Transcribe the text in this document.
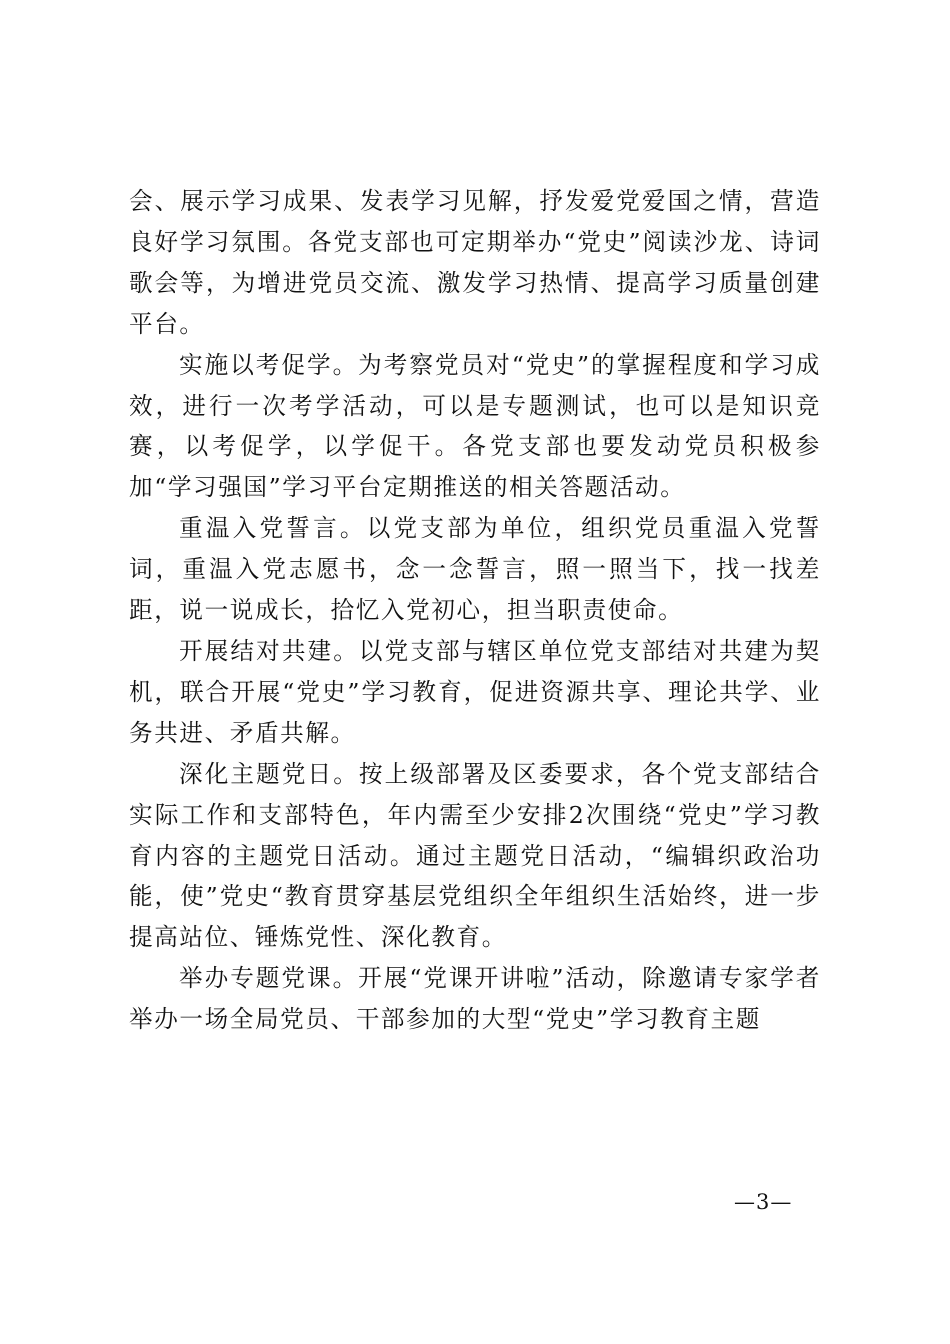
会、展示学习成果、发表学习见解，抒发爱党爱国之情，营造良好学习氛围。各党支部也可定期举办“党史”阅读沙龙、诗词歌会等，为增进党员交流、激发学习热情、提高学习质量创建平台。

实施以考促学。为考察党员对“党史”的掌握程度和学习成效，进行一次考学活动，可以是专题测试，也可以是知识竞赛，以考促学，以学促干。各党支部也要发动党员积极参加“学习强国”学习平台定期推送的相关答题活动。

重温入党誓言。以党支部为单位，组织党员重温入党誓词，重温入党志愿书，念一念誓言，照一照当下，找一找差距，说一说成长，拾忆入党初心，担当职责使命。

开展结对共建。以党支部与辖区单位党支部结对共建为契机，联合开展“党史”学习教育，促进资源共享、理论共学、业务共进、矛盾共解。

深化主题党日。按上级部署及区委要求，各个党支部结合实际工作和支部特色，年内需至少安排2次围绕“党史”学习教育内容的主题党日活动。通过主题党日活动，“编辑织政治功能，使”党史“教育贯穿基层党组织全年组织生活始终，进一步提高站位、锤炼党性、深化教育。

举办专题党课。开展“党课开讲啦”活动，除邀请专家学者举办一场全局党员、干部参加的大型“党史”学习教育主题

—3—
